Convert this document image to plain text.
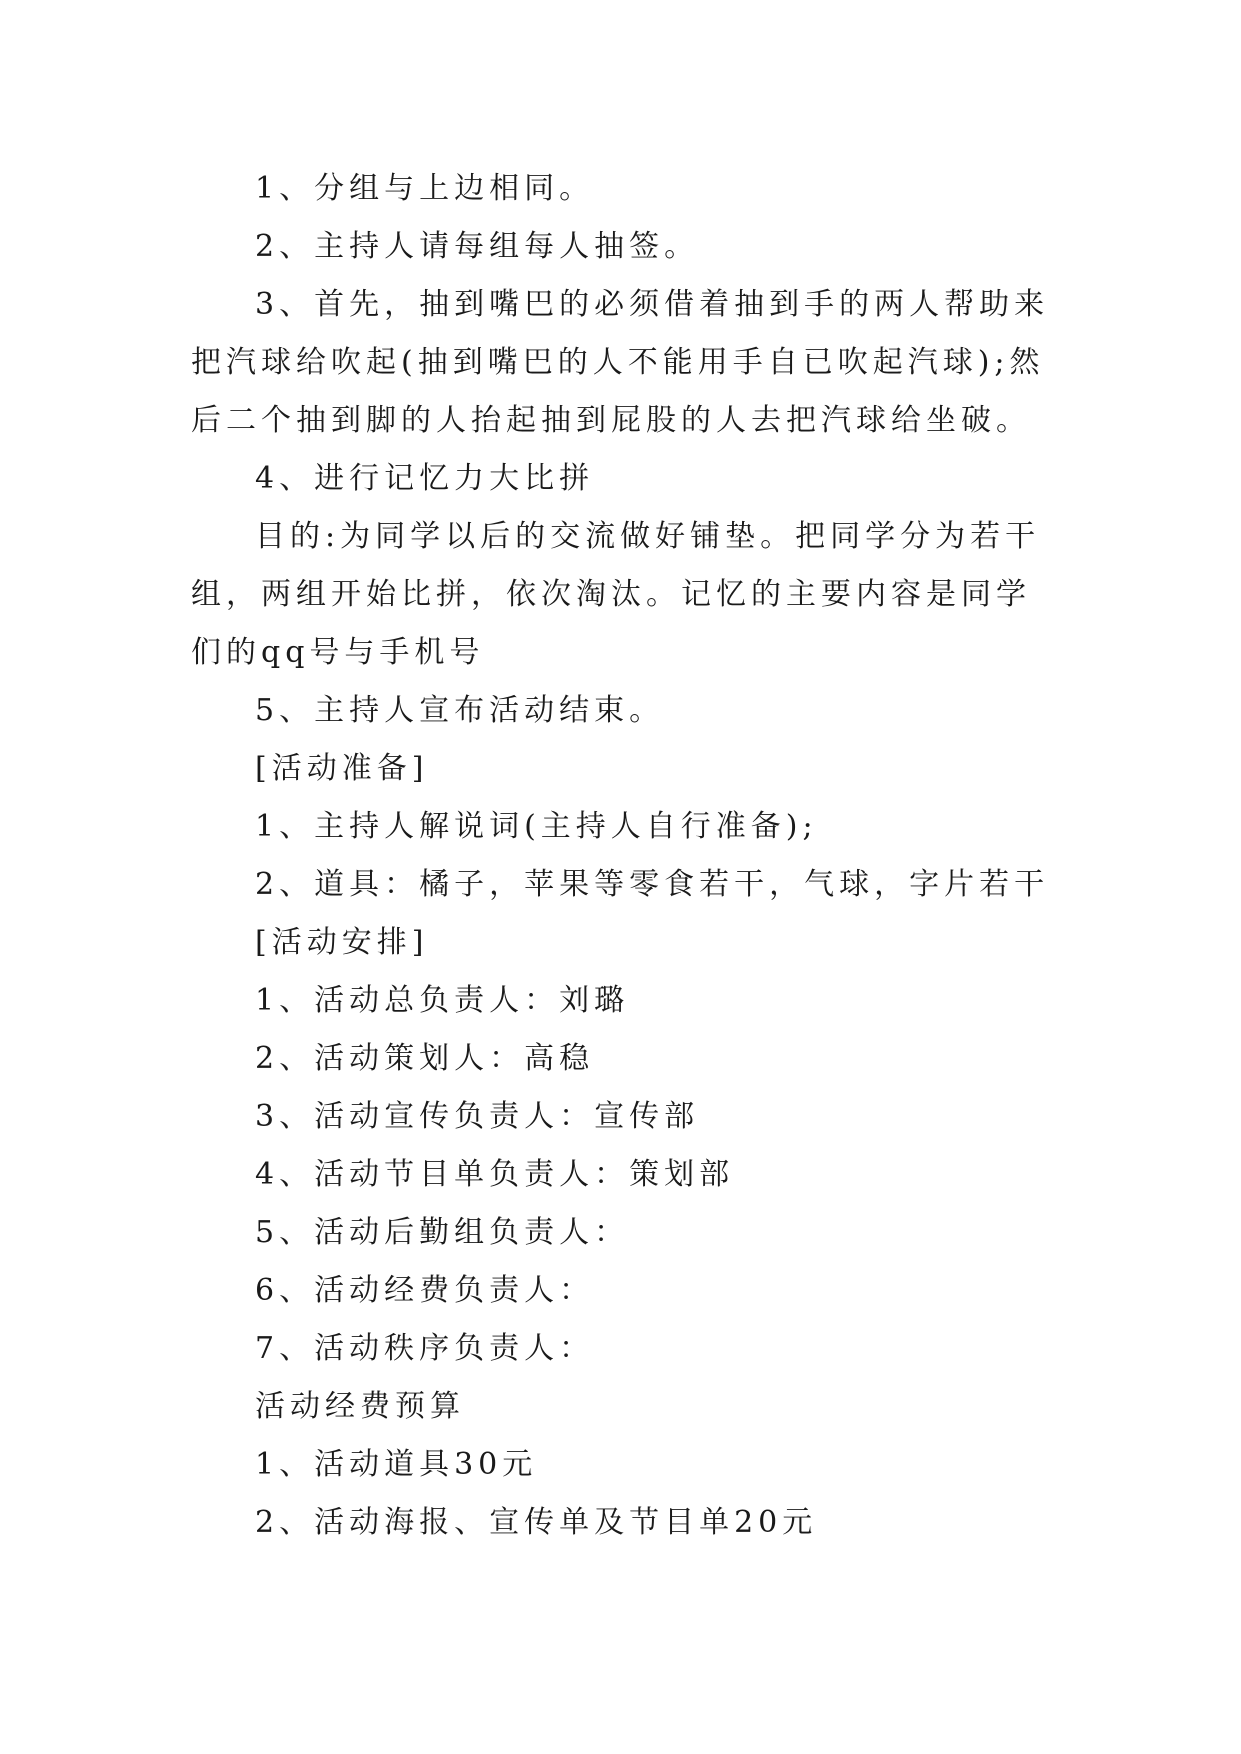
1、分组与上边相同。

2、主持人请每组每人抽签。

3、首先，抽到嘴巴的必须借着抽到手的两人帮助来把汽球给吹起(抽到嘴巴的人不能用手自已吹起汽球);然后二个抽到脚的人抬起抽到屁股的人去把汽球给坐破。

4、进行记忆力大比拼

目的:为同学以后的交流做好铺垫。把同学分为若干组，两组开始比拼，依次淘汰。记忆的主要内容是同学们的qq号与手机号

5、主持人宣布活动结束。

[活动准备]

1、主持人解说词(主持人自行准备);

2、道具：橘子，苹果等零食若干，气球，字片若干

[活动安排]

1、活动总负责人：刘璐

2、活动策划人：高稳

3、活动宣传负责人：宣传部

4、活动节目单负责人：策划部

5、活动后勤组负责人：

6、活动经费负责人：

7、活动秩序负责人：

活动经费预算

1、活动道具30元

2、活动海报、宣传单及节目单20元
